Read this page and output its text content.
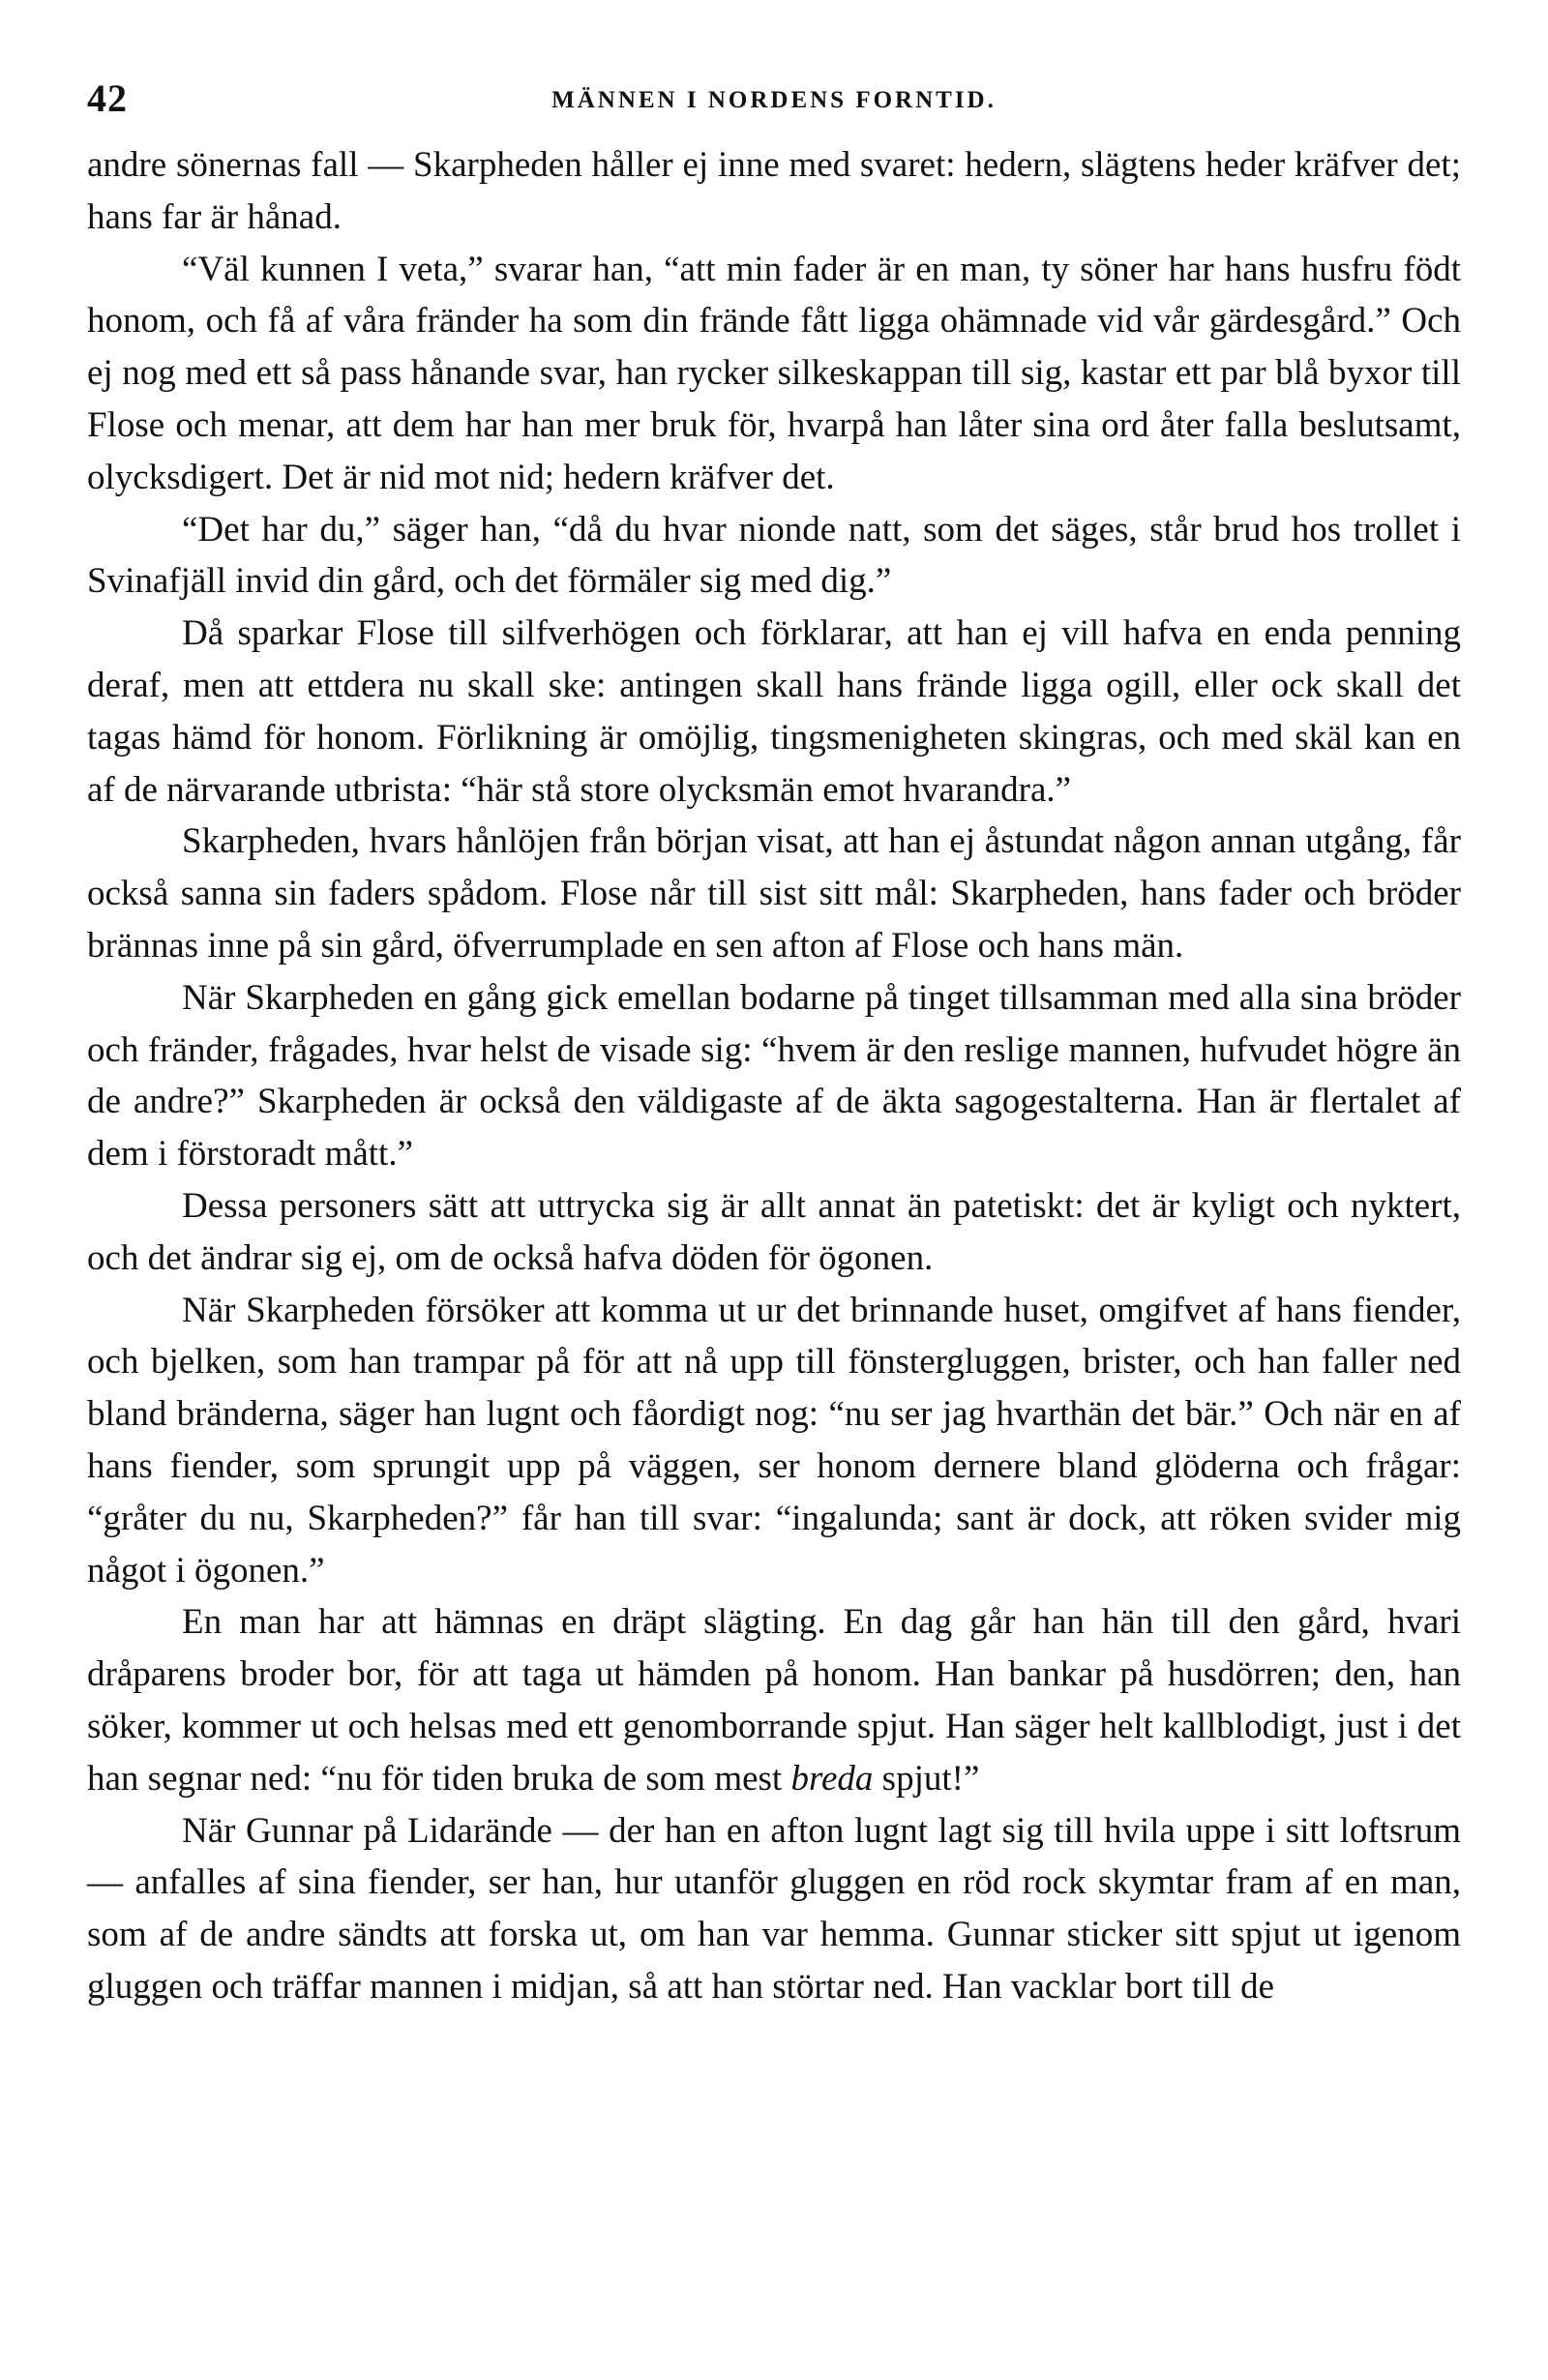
42	MÄNNEN I NORDENS FORNTID.

andre sönernas fall — Skarpheden håller ej inne med svaret: hedern, slägtens heder kräfver det; hans far är hånad.

“Väl kunnen I veta,” svarar han, “att min fader är en man, ty söner har hans husfru födt honom, och få af våra fränder ha som din frände fått ligga ohämnade vid vår gärdesgård.” Och ej nog med ett så pass hånande svar, han rycker silkeskappan till sig, kastar ett par blå byxor till Flose och menar, att dem har han mer bruk för, hvarpå han låter sina ord åter falla beslutsamt, olycksdigert. Det är nid mot nid; hedern kräfver det.

“Det har du,” säger han, “då du hvar nionde natt, som det säges, står brud hos trollet i Svinafjäll invid din gård, och det förmäler sig med dig.”

Då sparkar Flose till silfverhögen och förklarar, att han ej vill hafva en enda penning deraf, men att ettdera nu skall ske: antingen skall hans frände ligga ogill, eller ock skall det tagas hämd för honom. Förlikning är omöjlig, tingsmenigheten skingras, och med skäl kan en af de närvarande utbrista: “här stå store olycksmän emot hvarandra.”

Skarpheden, hvars hånlöjen från början visat, att han ej åstundat någon annan utgång, får också sanna sin faders spådom. Flose når till sist sitt mål: Skarpheden, hans fader och bröder brännas inne på sin gård, öfverrumplade en sen afton af Flose och hans män.

När Skarpheden en gång gick emellan bodarne på tinget tillsamman med alla sina bröder och fränder, frågades, hvar helst de visade sig: “hvem är den reslige mannen, hufvudet högre än de andre?” Skarpheden är också den väldigaste af de äkta sagogestalterna. Han är flertalet af dem i förstoradt mått.”

Dessa personers sätt att uttrycka sig är allt annat än patetiskt: det är kyligt och nyktert, och det ändrar sig ej, om de också hafva döden för ögonen.

När Skarpheden försöker att komma ut ur det brinnande huset, omgifvet af hans fiender, och bjelken, som han trampar på för att nå upp till fönstergluggen, brister, och han faller ned bland bränderna, säger han lugnt och fåordigt nog: “nu ser jag hvarthän det bär.” Och när en af hans fiender, som sprungit upp på väggen, ser honom dernere bland glöderna och frågar: “gråter du nu, Skarpheden?” får han till svar: “ingalunda; sant är dock, att röken svider mig något i ögonen.”

En man har att hämnas en dräpt slägting. En dag går han hän till den gård, hvari dråparens broder bor, för att taga ut hämden på honom. Han bankar på husdörren; den, han söker, kommer ut och helsas med ett genomborrande spjut. Han säger helt kallblodigt, just i det han segnar ned: “nu för tiden bruka de som mest breda spjut!”

När Gunnar på Lidarände — der han en afton lugnt lagt sig till hvila uppe i sitt loftsrum — anfalles af sina fiender, ser han, hur utanför gluggen en röd rock skymtar fram af en man, som af de andre sändts att forska ut, om han var hemma. Gunnar sticker sitt spjut ut igenom gluggen och träffar mannen i midjan, så att han störtar ned. Han vacklar bort till de
